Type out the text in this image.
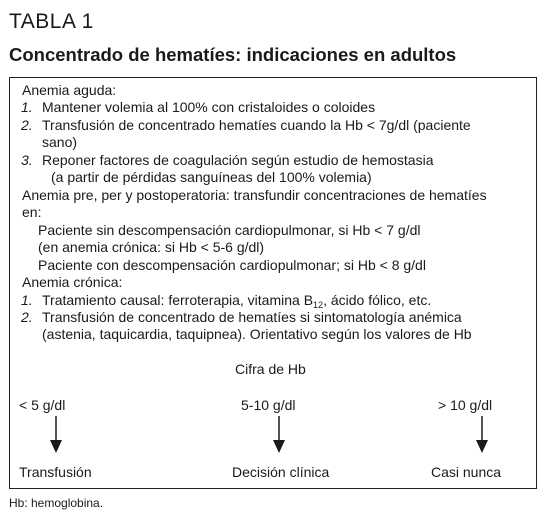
TABLA 1
Concentrado de hematíes: indicaciones en adultos
Anemia aguda:
1. Mantener volemia al 100% con cristaloides o coloides
2. Transfusión de concentrado hematíes cuando la Hb < 7g/dl (paciente
sano)
3. Reponer factores de coagulación según estudio de hemostasia
(a partir de pérdidas sanguíneas del 100% volemia)
Anemia pre, per y postoperatoria: transfundir concentraciones de hematíes
en:
Paciente sin descompensación cardiopulmonar, si Hb < 7 g/dl
(en anemia crónica: si Hb < 5-6 g/dl)
Paciente con descompensación cardiopulmonar; si Hb < 8 g/dl
Anemia crónica:
1. Tratamiento causal: ferroterapia, vitamina $B_{12}$, ácido fólico, etc.
2. Transfusión de concentrado de hematíes si sintomatología anémica
(astenia, taquicardia, taquipnea). Orientativo según los valores de Hb
Cifra de Hb
< 5 g/dl	5-10 g/dl	> 10 g/dl
Transfusión	Decisión clínica	Casi nunca
Hb: hemoglobina.
